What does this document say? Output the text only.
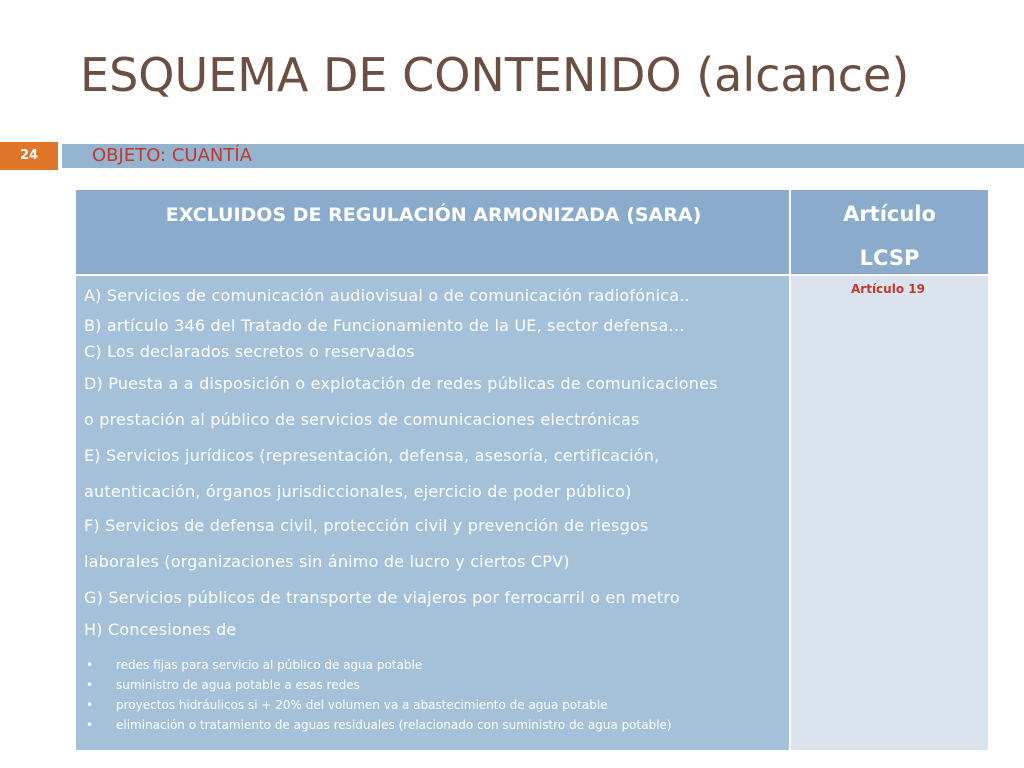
ESQUEMA DE CONTENIDO (alcance)
24	OBJETO: CUANTÍA
EXCLUIDOS DE REGULACIÓN ARMONIZADA (SARA)	Artículo
LCSP
A) Servicios de comunicación audiovisual o de comunicación radiofónica..
B) artículo 346 del Tratado de Funcionamiento de la UE, sector defensa…
C) Los declarados secretos o reservados
D) Puesta a a disposición o explotación de redes públicas de comunicaciones
o prestación al público de servicios de comunicaciones electrónicas
E) Servicios jurídicos (representación, defensa, asesoría, certificación,
autenticación, órganos jurisdiccionales, ejercicio de poder público)
F) Servicios de defensa civil, protección civil y prevención de riesgos
laborales (organizaciones sin ánimo de lucro y ciertos CPV)
G) Servicios públicos de transporte de viajeros por ferrocarril o en metro
H) Concesiones de
• redes fijas para servicio al público de agua potable
• suministro de agua potable a esas redes
• proyectos hidráulicos si + 20% del volumen va a abastecimiento de agua potable
• eliminación o tratamiento de aguas residuales (relacionado con suministro de agua potable)
Artículo 19
